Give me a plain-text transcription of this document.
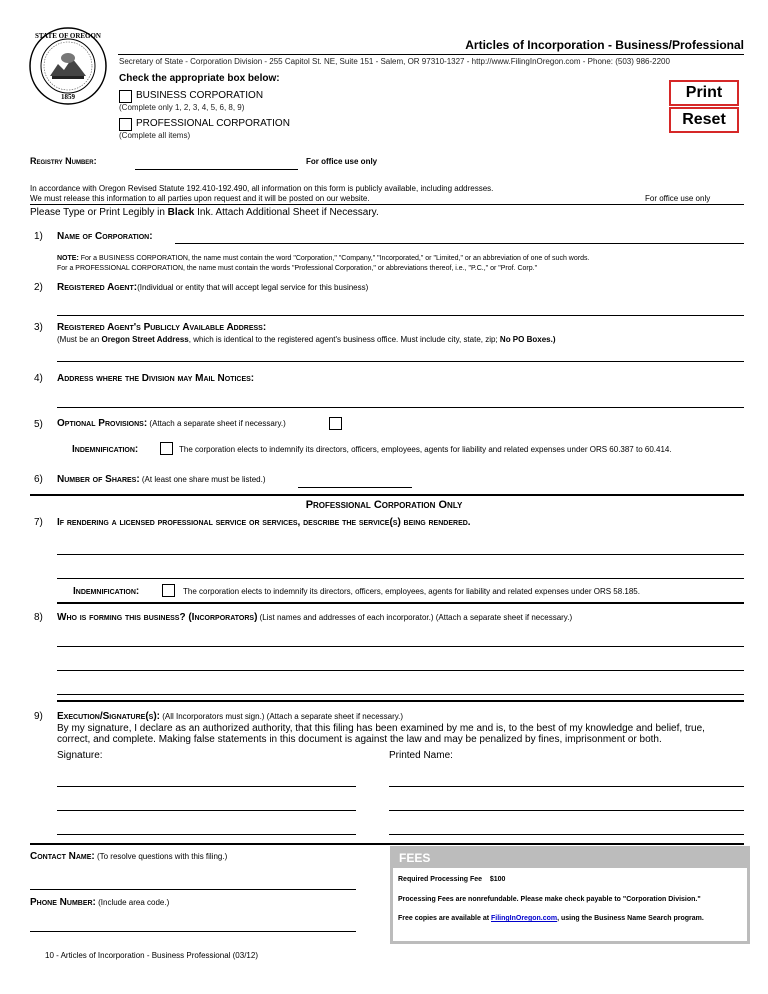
STATE OF OREGON
1859
Articles of Incorporation - Business/Professional
Secretary of State - Corporation Division - 255 Capitol St. NE, Suite 151 - Salem, OR 97310-1327 - http://www.FilingInOregon.com - Phone: (503) 986-2200
Check the appropriate box below:
BUSINESS CORPORATION
(Complete only 1, 2, 3, 4, 5, 6, 8, 9)
PROFESSIONAL CORPORATION
(Complete all items)
Print
Reset
Registry Number:	For office use only
In accordance with Oregon Revised Statute 192.410-192.490, all information on this form is publicly available, including addresses.
We must release this information to all parties upon request and it will be posted on our website.	For office use only
Please Type or Print Legibly in Black Ink. Attach Additional Sheet if Necessary.
1) Name of Corporation:
NOTE: For a BUSINESS CORPORATION, the name must contain the word "Corporation," "Company," "Incorporated," or "Limited," or an abbreviation of one of such words.
For a PROFESSIONAL CORPORATION, the name must contain the words "Professional Corporation," or abbreviations thereof, i.e., "P.C.," or "Prof. Corp."
2) Registered Agent:(Individual or entity that will accept legal service for this business)
3) Registered Agent's Publicly Available Address:
(Must be an Oregon Street Address, which is identical to the registered agent's business office. Must include city, state, zip; No PO Boxes.)
4) Address where the Division may Mail Notices:
5) Optional Provisions: (Attach a separate sheet if necessary.)
Indemnification:	The corporation elects to indemnify its directors, officers, employees, agents for liability and related expenses under ORS 60.387 to 60.414.
6) Number of Shares: (At least one share must be listed.)
Professional Corporation Only
7) If rendering a licensed professional service or services, describe the service(s) being rendered.
Indemnification:	The corporation elects to indemnify its directors, officers, employees, agents for liability and related expenses under ORS 58.185.
8) Who is forming this business? (Incorporators) (List names and addresses of each incorporator.) (Attach a separate sheet if necessary.)
9) Execution/Signature(s): (All Incorporators must sign.) (Attach a separate sheet if necessary.)
By my signature, I declare as an authorized authority, that this filing has been examined by me and is, to the best of my knowledge and belief, true,
correct, and complete. Making false statements in this document is against the law and may be penalized by fines, imprisonment or both.
Signature:	Printed Name:
Contact Name: (To resolve questions with this filing.)
Phone Number: (Include area code.)
FEES
Required Processing Fee $100
Processing Fees are nonrefundable. Please make check payable to "Corporation Division."
Free copies are available at FilingInOregon.com, using the Business Name Search program.
10 - Articles of Incorporation - Business Professional (03/12)
